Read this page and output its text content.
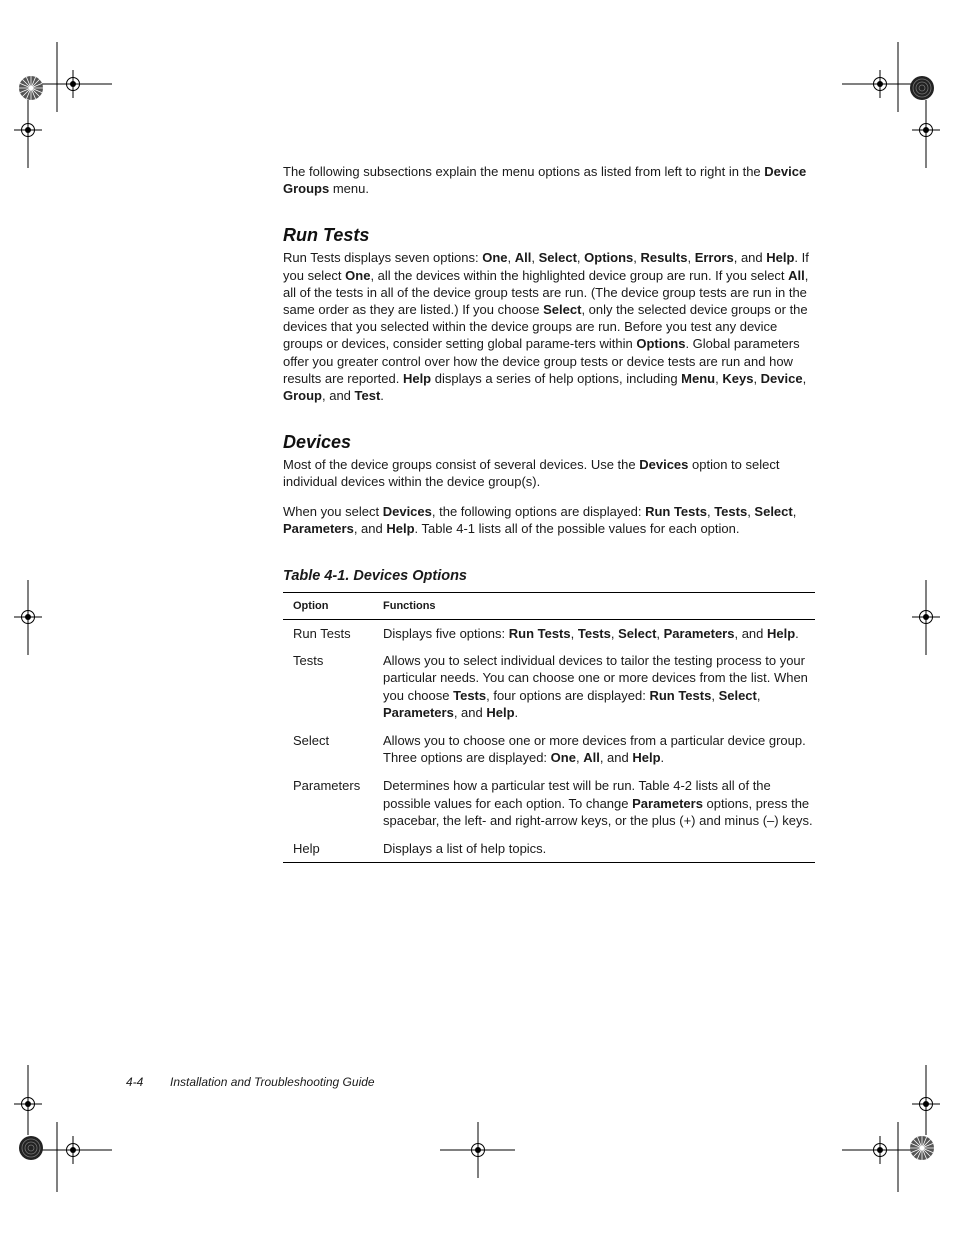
The following subsections explain the menu options as listed from left to right in the Device Groups menu.

Run Tests

Run Tests displays seven options: One, All, Select, Options, Results, Errors, and Help. If you select One, all the devices within the highlighted device group are run. If you select All, all of the tests in all of the device group tests are run. (The device group tests are run in the same order as they are listed.) If you choose Select, only the selected device groups or the devices that you selected within the device groups are run. Before you test any device groups or devices, consider setting global parame-ters within Options. Global parameters offer you greater control over how the device group tests or device tests are run and how results are reported. Help displays a series of help options, including Menu, Keys, Device, Group, and Test.

Devices

Most of the device groups consist of several devices. Use the Devices option to select individual devices within the device group(s).

When you select Devices, the following options are displayed: Run Tests, Tests, Select, Parameters, and Help. Table 4-1 lists all of the possible values for each option.

Table 4-1. Devices Options
Option	Functions
Run Tests	Displays five options: Run Tests, Tests, Select, Parameters, and Help.
Tests	Allows you to select individual devices to tailor the testing process to your particular needs. You can choose one or more devices from the list. When you choose Tests, four options are displayed: Run Tests, Select, Parameters, and Help.
Select	Allows you to choose one or more devices from a particular device group. Three options are displayed: One, All, and Help.
Parameters	Determines how a particular test will be run. Table 4-2 lists all of the possible values for each option. To change Parameters options, press the spacebar, the left- and right-arrow keys, or the plus (+) and minus (–) keys.
Help	Displays a list of help topics.
4-4 Installation and Troubleshooting Guide
